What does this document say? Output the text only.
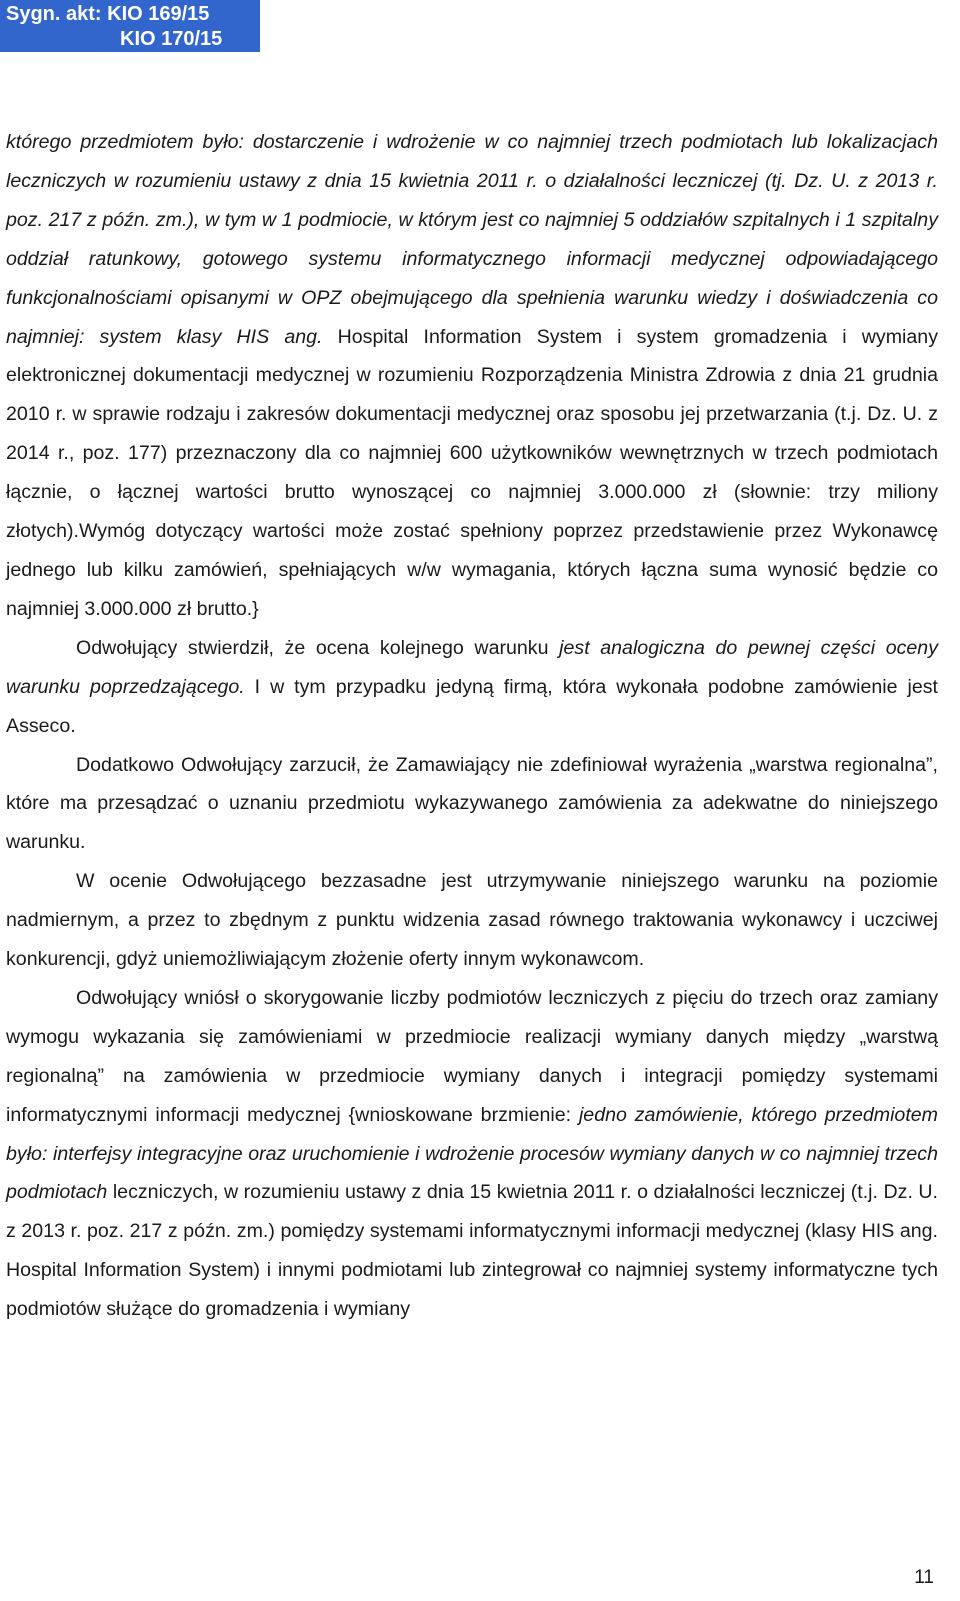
Sygn. akt: KIO 169/15
KIO 170/15

którego przedmiotem było: dostarczenie i wdrożenie w co najmniej trzech podmiotach lub lokalizacjach leczniczych w rozumieniu ustawy z dnia 15 kwietnia 2011 r. o działalności leczniczej (tj. Dz. U. z 2013 r. poz. 217 z późn. zm.), w tym w 1 podmiocie, w którym jest co najmniej 5 oddziałów szpitalnych i 1 szpitalny oddział ratunkowy, gotowego systemu informatycznego informacji medycznej odpowiadającego funkcjonalnościami opisanymi w OPZ obejmującego dla spełnienia warunku wiedzy i doświadczenia co najmniej: system klasy HIS ang. Hospital Information System i system gromadzenia i wymiany elektronicznej dokumentacji medycznej w rozumieniu Rozporządzenia Ministra Zdrowia z dnia 21 grudnia 2010 r. w sprawie rodzaju i zakresów dokumentacji medycznej oraz sposobu jej przetwarzania (t.j. Dz. U. z 2014 r., poz. 177) przeznaczony dla co najmniej 600 użytkowników wewnętrznych w trzech podmiotach łącznie, o łącznej wartości brutto wynoszącej co najmniej 3.000.000 zł (słownie: trzy miliony złotych).Wymóg dotyczący wartości może zostać spełniony poprzez przedstawienie przez Wykonawcę jednego lub kilku zamówień, spełniających w/w wymagania, których łączna suma wynosić będzie co najmniej 3.000.000 zł brutto.}

Odwołujący stwierdził, że ocena kolejnego warunku jest analogiczna do pewnej części oceny warunku poprzedzającego. I w tym przypadku jedyną firmą, która wykonała podobne zamówienie jest Asseco.

Dodatkowo Odwołujący zarzucił, że Zamawiający nie zdefiniował wyrażenia „warstwa regionalna”, które ma przesądzać o uznaniu przedmiotu wykazywanego zamówienia za adekwatne do niniejszego warunku.

W ocenie Odwołującego bezzasadne jest utrzymywanie niniejszego warunku na poziomie nadmiernym, a przez to zbędnym z punktu widzenia zasad równego traktowania wykonawcy i uczciwej konkurencji, gdyż uniemożliwiającym złożenie oferty innym wykonawcom.

Odwołujący wniósł o skorygowanie liczby podmiotów leczniczych z pięciu do trzech oraz zamiany wymogu wykazania się zamówieniami w przedmiocie realizacji wymiany danych między „warstwą regionalną” na zamówienia w przedmiocie wymiany danych i integracji pomiędzy systemami informatycznymi informacji medycznej {wnioskowane brzmienie: jedno zamówienie, którego przedmiotem było: interfejsy integracyjne oraz uruchomienie i wdrożenie procesów wymiany danych w co najmniej trzech podmiotach leczniczych, w rozumieniu ustawy z dnia 15 kwietnia 2011 r. o działalności leczniczej (t.j. Dz. U. z 2013 r. poz. 217 z późn. zm.) pomiędzy systemami informatycznymi informacji medycznej (klasy HIS ang. Hospital Information System) i innymi podmiotami lub zintegrował co najmniej systemy informatyczne tych podmiotów służące do gromadzenia i wymiany

11
